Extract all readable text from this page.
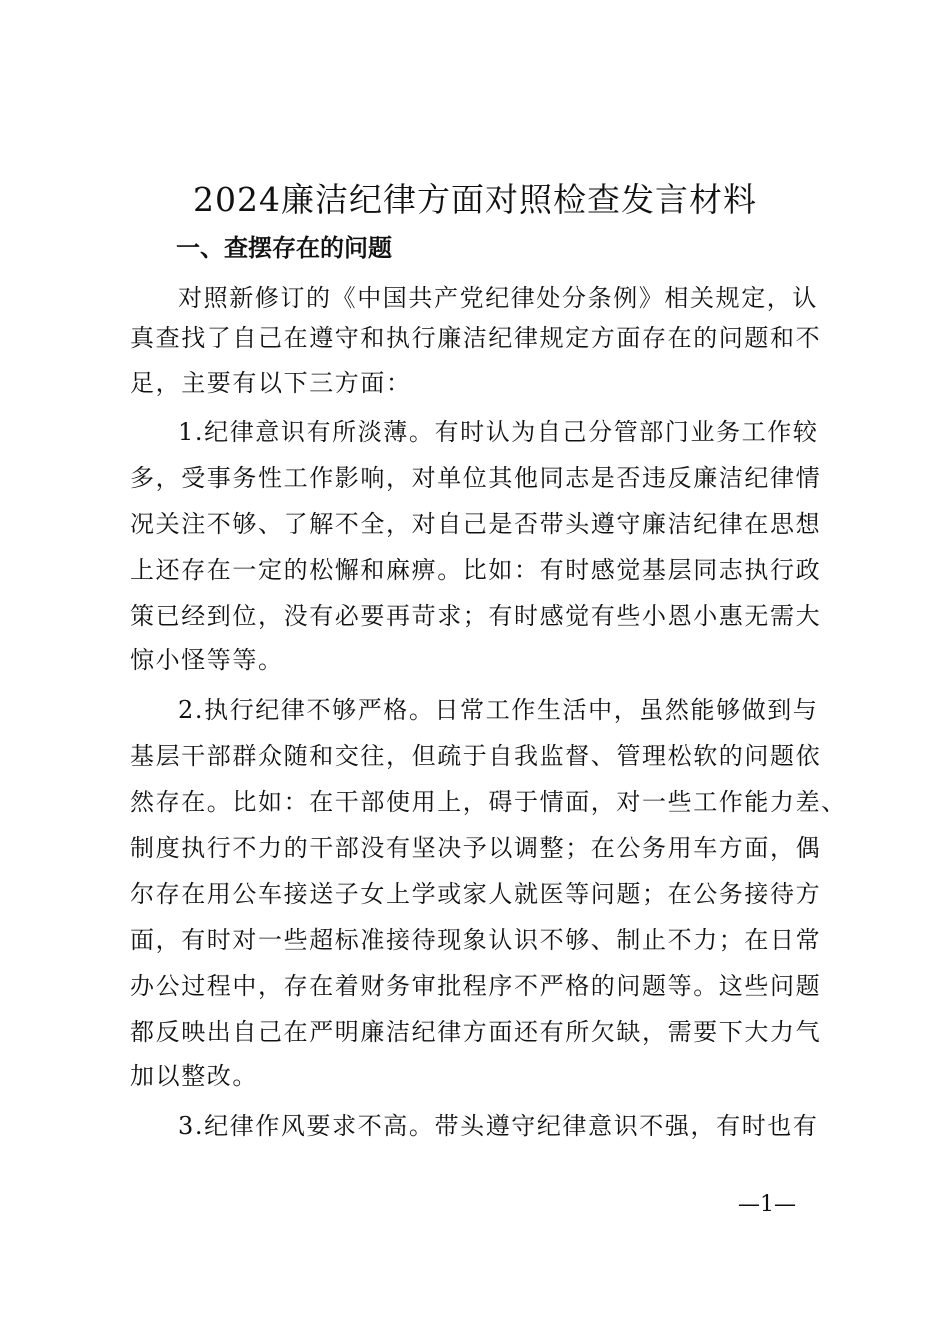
2024廉洁纪律方面对照检查发言材料
一、查摆存在的问题
对照新修订的《中国共产党纪律处分条例》相关规定，认
真查找了自己在遵守和执行廉洁纪律规定方面存在的问题和不
足，主要有以下三方面：
1.纪律意识有所淡薄。有时认为自己分管部门业务工作较
多，受事务性工作影响，对单位其他同志是否违反廉洁纪律情
况关注不够、了解不全，对自己是否带头遵守廉洁纪律在思想
上还存在一定的松懈和麻痹。比如：有时感觉基层同志执行政
策已经到位，没有必要再苛求；有时感觉有些小恩小惠无需大
惊小怪等等。
2.执行纪律不够严格。日常工作生活中，虽然能够做到与
基层干部群众随和交往，但疏于自我监督、管理松软的问题依
然存在。比如：在干部使用上，碍于情面，对一些工作能力差、
制度执行不力的干部没有坚决予以调整；在公务用车方面，偶
尔存在用公车接送子女上学或家人就医等问题；在公务接待方
面，有时对一些超标准接待现象认识不够、制止不力；在日常
办公过程中，存在着财务审批程序不严格的问题等。这些问题
都反映出自己在严明廉洁纪律方面还有所欠缺，需要下大力气
加以整改。
3.纪律作风要求不高。带头遵守纪律意识不强，有时也有
—1—
